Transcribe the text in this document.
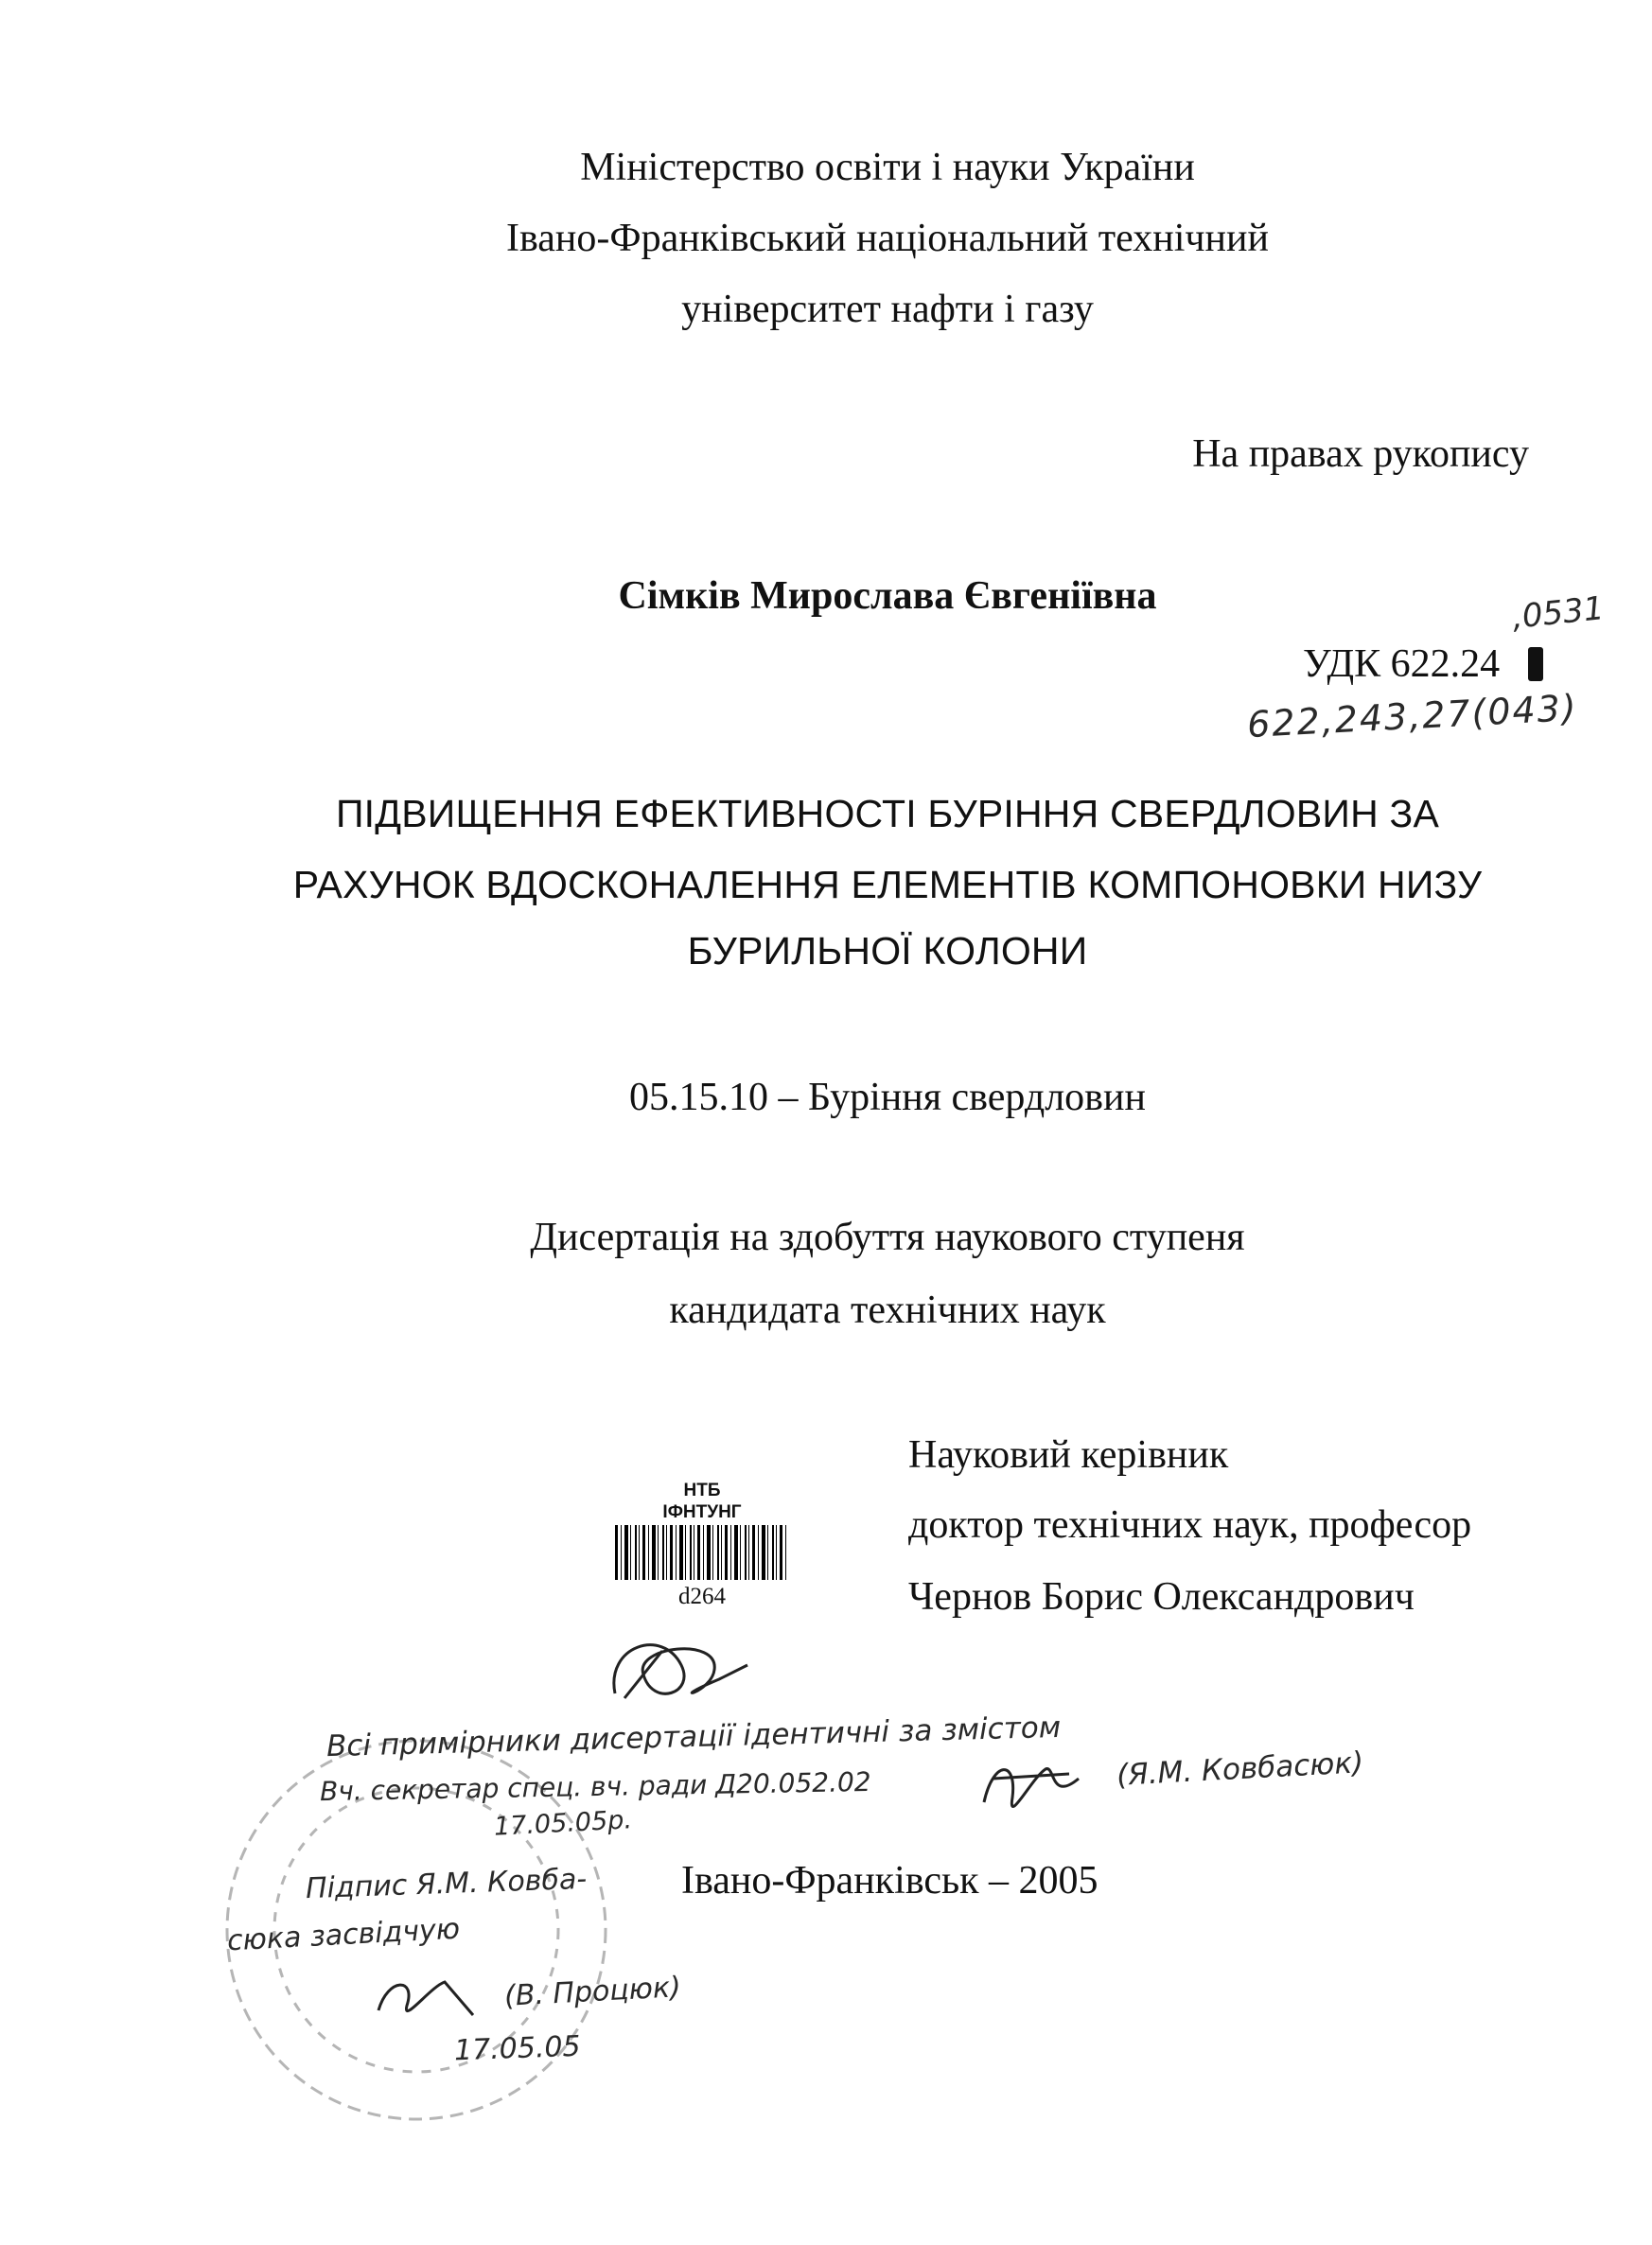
Міністерство освіти і науки України
Івано-Франківський національний технічний
університет нафти і газу
На правах рукопису
Сімків Мирослава Євгеніївна
УДК 622.24
,0531
622,243,27(043)
ПІДВИЩЕННЯ ЕФЕКТИВНОСТІ БУРІННЯ СВЕРДЛОВИН ЗА
РАХУНОК ВДОСКОНАЛЕННЯ ЕЛЕМЕНТІВ КОМПОНОВКИ НИЗУ
БУРИЛЬНОЇ КОЛОНИ
05.15.10 – Буріння свердловин
Дисертація на здобуття наукового ступеня
кандидата технічних наук
Науковий керівник
доктор технічних наук, професор
Чернов Борис Олександрович
НТБ
ІФНТУНГ
d264
Всі примірники дисертації ідентичні за змістом
Вч. секретар спец. вч. ради Д20.052.02
17.05.05р.
(Я.М. Ковбасюк)
Підпис Я.М. Ковба-
сюка засвідчую
(В. Процюк)
17.05.05
Івано-Франківськ – 2005
